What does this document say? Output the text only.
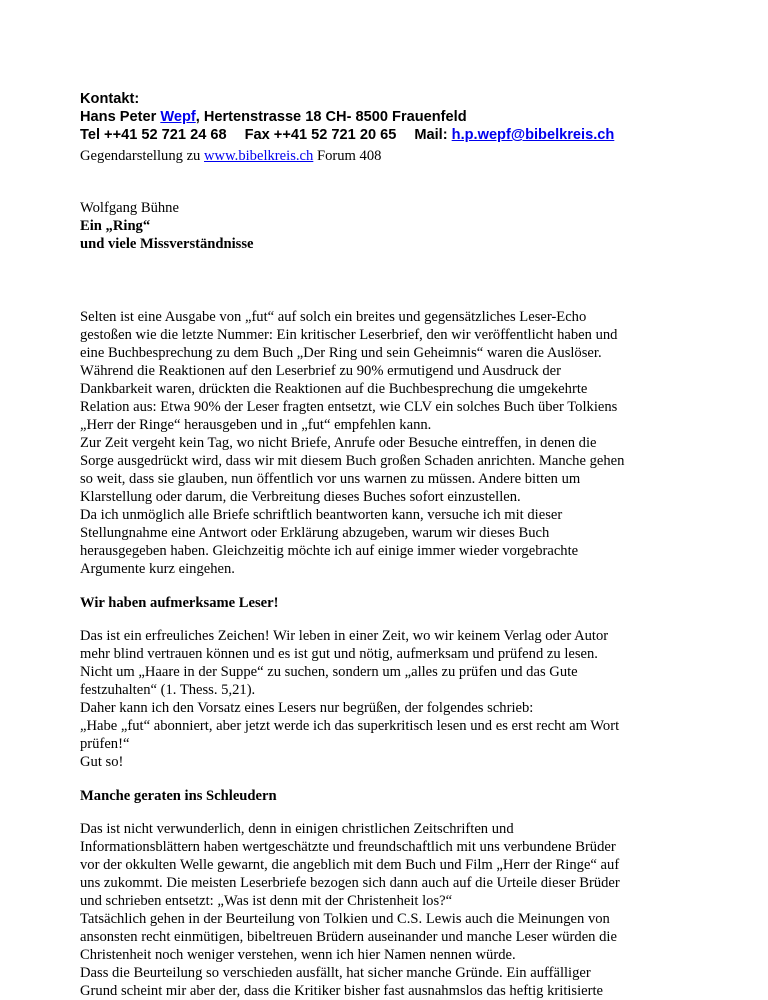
Kontakt:
Hans Peter Wepf, Hertenstrasse 18 CH- 8500 Frauenfeld
Tel ++41 52 721 24 68 Fax ++41 52 721 20 65 Mail: h.p.wepf@bibelkreis.ch
Gegendarstellung zu www.bibelkreis.ch Forum 408
Wolfgang Bühne
Ein „Ring“
und viele Missverständnisse
Selten ist eine Ausgabe von „fut“ auf solch ein breites und gegensätzliches Leser-Echo
gestoßen wie die letzte Nummer: Ein kritischer Leserbrief, den wir veröffentlicht haben und
eine Buchbesprechung zu dem Buch „Der Ring und sein Geheimnis“ waren die Auslöser.
Während die Reaktionen auf den Leserbrief zu 90% ermutigend und Ausdruck der
Dankbarkeit waren, drückten die Reaktionen auf die Buchbesprechung die umgekehrte
Relation aus: Etwa 90% der Leser fragten entsetzt, wie CLV ein solches Buch über Tolkiens
„Herr der Ringe“ herausgeben und in „fut“ empfehlen kann.
Zur Zeit vergeht kein Tag, wo nicht Briefe, Anrufe oder Besuche eintreffen, in denen die
Sorge ausgedrückt wird, dass wir mit diesem Buch großen Schaden anrichten. Manche gehen
so weit, dass sie glauben, nun öffentlich vor uns warnen zu müssen. Andere bitten um
Klarstellung oder darum, die Verbreitung dieses Buches sofort einzustellen.
Da ich unmöglich alle Briefe schriftlich beantworten kann, versuche ich mit dieser
Stellungnahme eine Antwort oder Erklärung abzugeben, warum wir dieses Buch
herausgegeben haben. Gleichzeitig möchte ich auf einige immer wieder vorgebrachte
Argumente kurz eingehen.
Wir haben aufmerksame Leser!
Das ist ein erfreuliches Zeichen! Wir leben in einer Zeit, wo wir keinem Verlag oder Autor
mehr blind vertrauen können und es ist gut und nötig, aufmerksam und prüfend zu lesen.
Nicht um „Haare in der Suppe“ zu suchen, sondern um „alles zu prüfen und das Gute
festzuhalten“ (1. Thess. 5,21).
Daher kann ich den Vorsatz eines Lesers nur begrüßen, der folgendes schrieb:
„Habe „fut“ abonniert, aber jetzt werde ich das superkritisch lesen und es erst recht am Wort
prüfen!“
Gut so!
Manche geraten ins Schleudern
Das ist nicht verwunderlich, denn in einigen christlichen Zeitschriften und
Informationsblättern haben wertgeschätzte und freundschaftlich mit uns verbundene Brüder
vor der okkulten Welle gewarnt, die angeblich mit dem Buch und Film „Herr der Ringe“ auf
uns zukommt. Die meisten Leserbriefe bezogen sich dann auch auf die Urteile dieser Brüder
und schrieben entsetzt: „Was ist denn mit der Christenheit los?“
Tatsächlich gehen in der Beurteilung von Tolkien und C.S. Lewis auch die Meinungen von
ansonsten recht einmütigen, bibeltreuen Brüdern auseinander und manche Leser würden die
Christenheit noch weniger verstehen, wenn ich hier Namen nennen würde.
Dass die Beurteilung so verschieden ausfällt, hat sicher manche Gründe. Ein auffälliger
Grund scheint mir aber der, dass die Kritiker bisher fast ausnahmslos das heftig kritisierte
